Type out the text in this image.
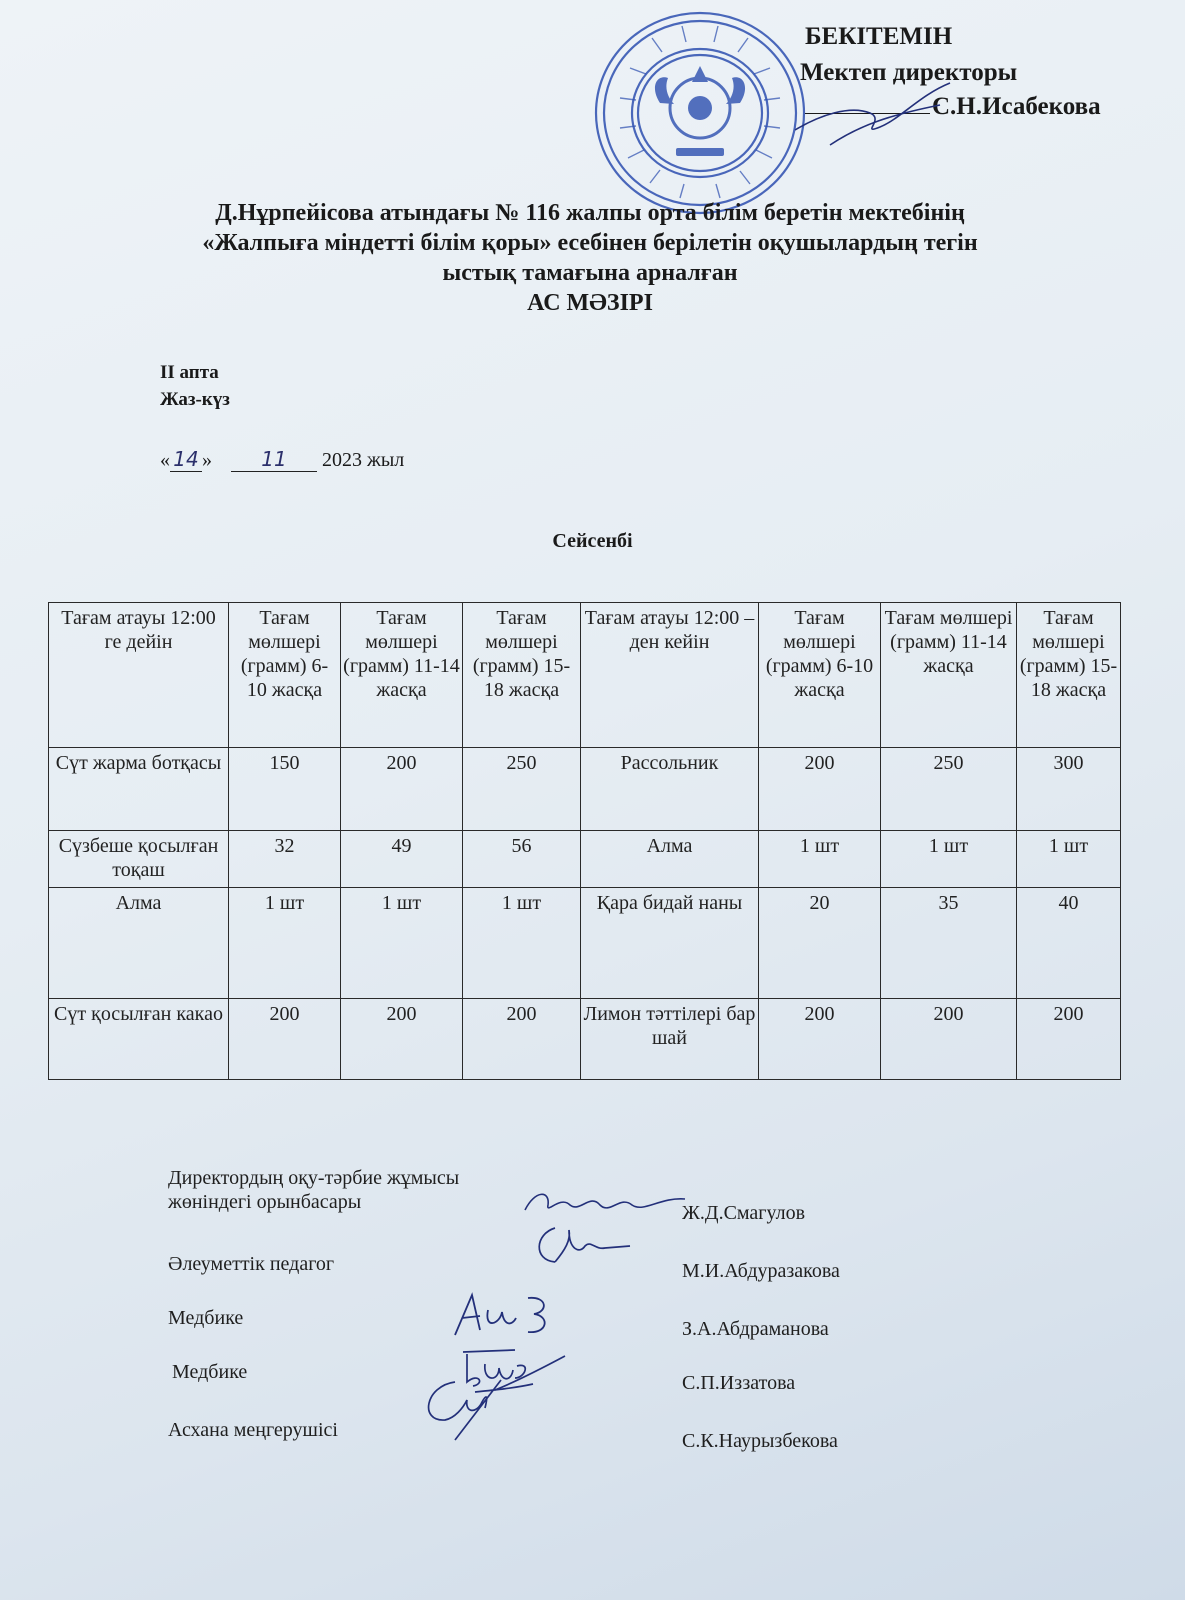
БЕКІТЕМІН
Мектеп директоры
С.Н.Исабекова
Д.Нұрпейісова атындағы № 116 жалпы орта білім беретін мектебінің
«Жалпыға міндетті білім қоры» есебінен берілетін оқушылардың тегін
ыстық тамағына арналған
АС МӘЗІРІ
ІІ апта
Жаз-күз
« 14 » 11 2023 жыл
Сейсенбі
Тағам атауы 12:00 ге дейін	Тағам мөлшері (грамм) 6-10 жасқа	Тағам мөлшері (грамм) 11-14 жасқа	Тағам мөлшері (грамм) 15-18 жасқа	Тағам атауы 12:00 – ден кейін	Тағам мөлшері (грамм) 6-10 жасқа	Тағам мөлшері (грамм) 11-14 жасқа	Тағам мөлшері (грамм) 15-18 жасқа
Сүт жарма ботқасы	150	200	250	Рассольник	200	250	300
Сүзбеше қосылған тоқаш	32	49	56	Алма	1 шт	1 шт	1 шт
Алма	1 шт	1 шт	1 шт	Қара бидай наны	20	35	40
Сүт қосылған какао	200	200	200	Лимон тәттілері бар шай	200	200	200
Директордың оқу-тәрбие жұмысы
жөніндегі орынбасары	Ж.Д.Смагулов
Әлеуметтік педагог	М.И.Абдуразакова
Медбике	З.А.Абдраманова
Медбике	С.П.Иззатова
Асхана меңгерушісі	С.К.Наурызбекова
